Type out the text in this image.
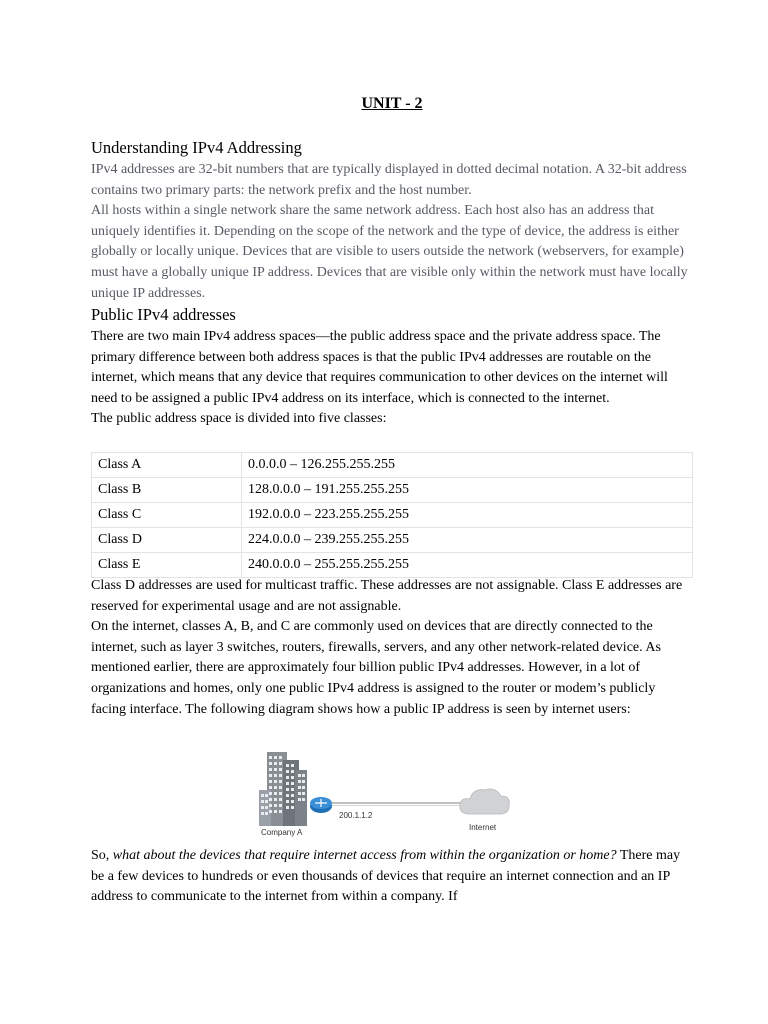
UNIT - 2
Understanding IPv4 Addressing

IPv4 addresses are 32-bit numbers that are typically displayed in dotted decimal notation. A 32-bit address contains two primary parts: the network prefix and the host number.

All hosts within a single network share the same network address. Each host also has an address that uniquely identifies it. Depending on the scope of the network and the type of device, the address is either globally or locally unique. Devices that are visible to users outside the network (webservers, for example) must have a globally unique IP address. Devices that are visible only within the network must have locally unique IP addresses.

Public IPv4 addresses

There are two main IPv4 address spaces—the public address space and the private address space. The primary difference between both address spaces is that the public IPv4 addresses are routable on the internet, which means that any device that requires communication to other devices on the internet will need to be assigned a public IPv4 address on its interface, which is connected to the internet.

The public address space is divided into five classes:

Class A	0.0.0.0 – 126.255.255.255
Class B	128.0.0.0 – 191.255.255.255
Class C	192.0.0.0 – 223.255.255.255
Class D	224.0.0.0 – 239.255.255.255
Class E	240.0.0.0 – 255.255.255.255

Class D addresses are used for multicast traffic. These addresses are not assignable. Class E addresses are reserved for experimental usage and are not assignable.

On the internet, classes A, B, and C are commonly used on devices that are directly connected to the internet, such as layer 3 switches, routers, firewalls, servers, and any other network-related device. As mentioned earlier, there are approximately four billion public IPv4 addresses. However, in a lot of organizations and homes, only one public IPv4 address is assigned to the router or modem’s publicly facing interface. The following diagram shows how a public IP address is seen by internet users:

Company A
200.1.1.2
Internet

So, what about the devices that require internet access from within the organization or home? There may be a few devices to hundreds or even thousands of devices that require an internet connection and an IP address to communicate to the internet from within a company. If
